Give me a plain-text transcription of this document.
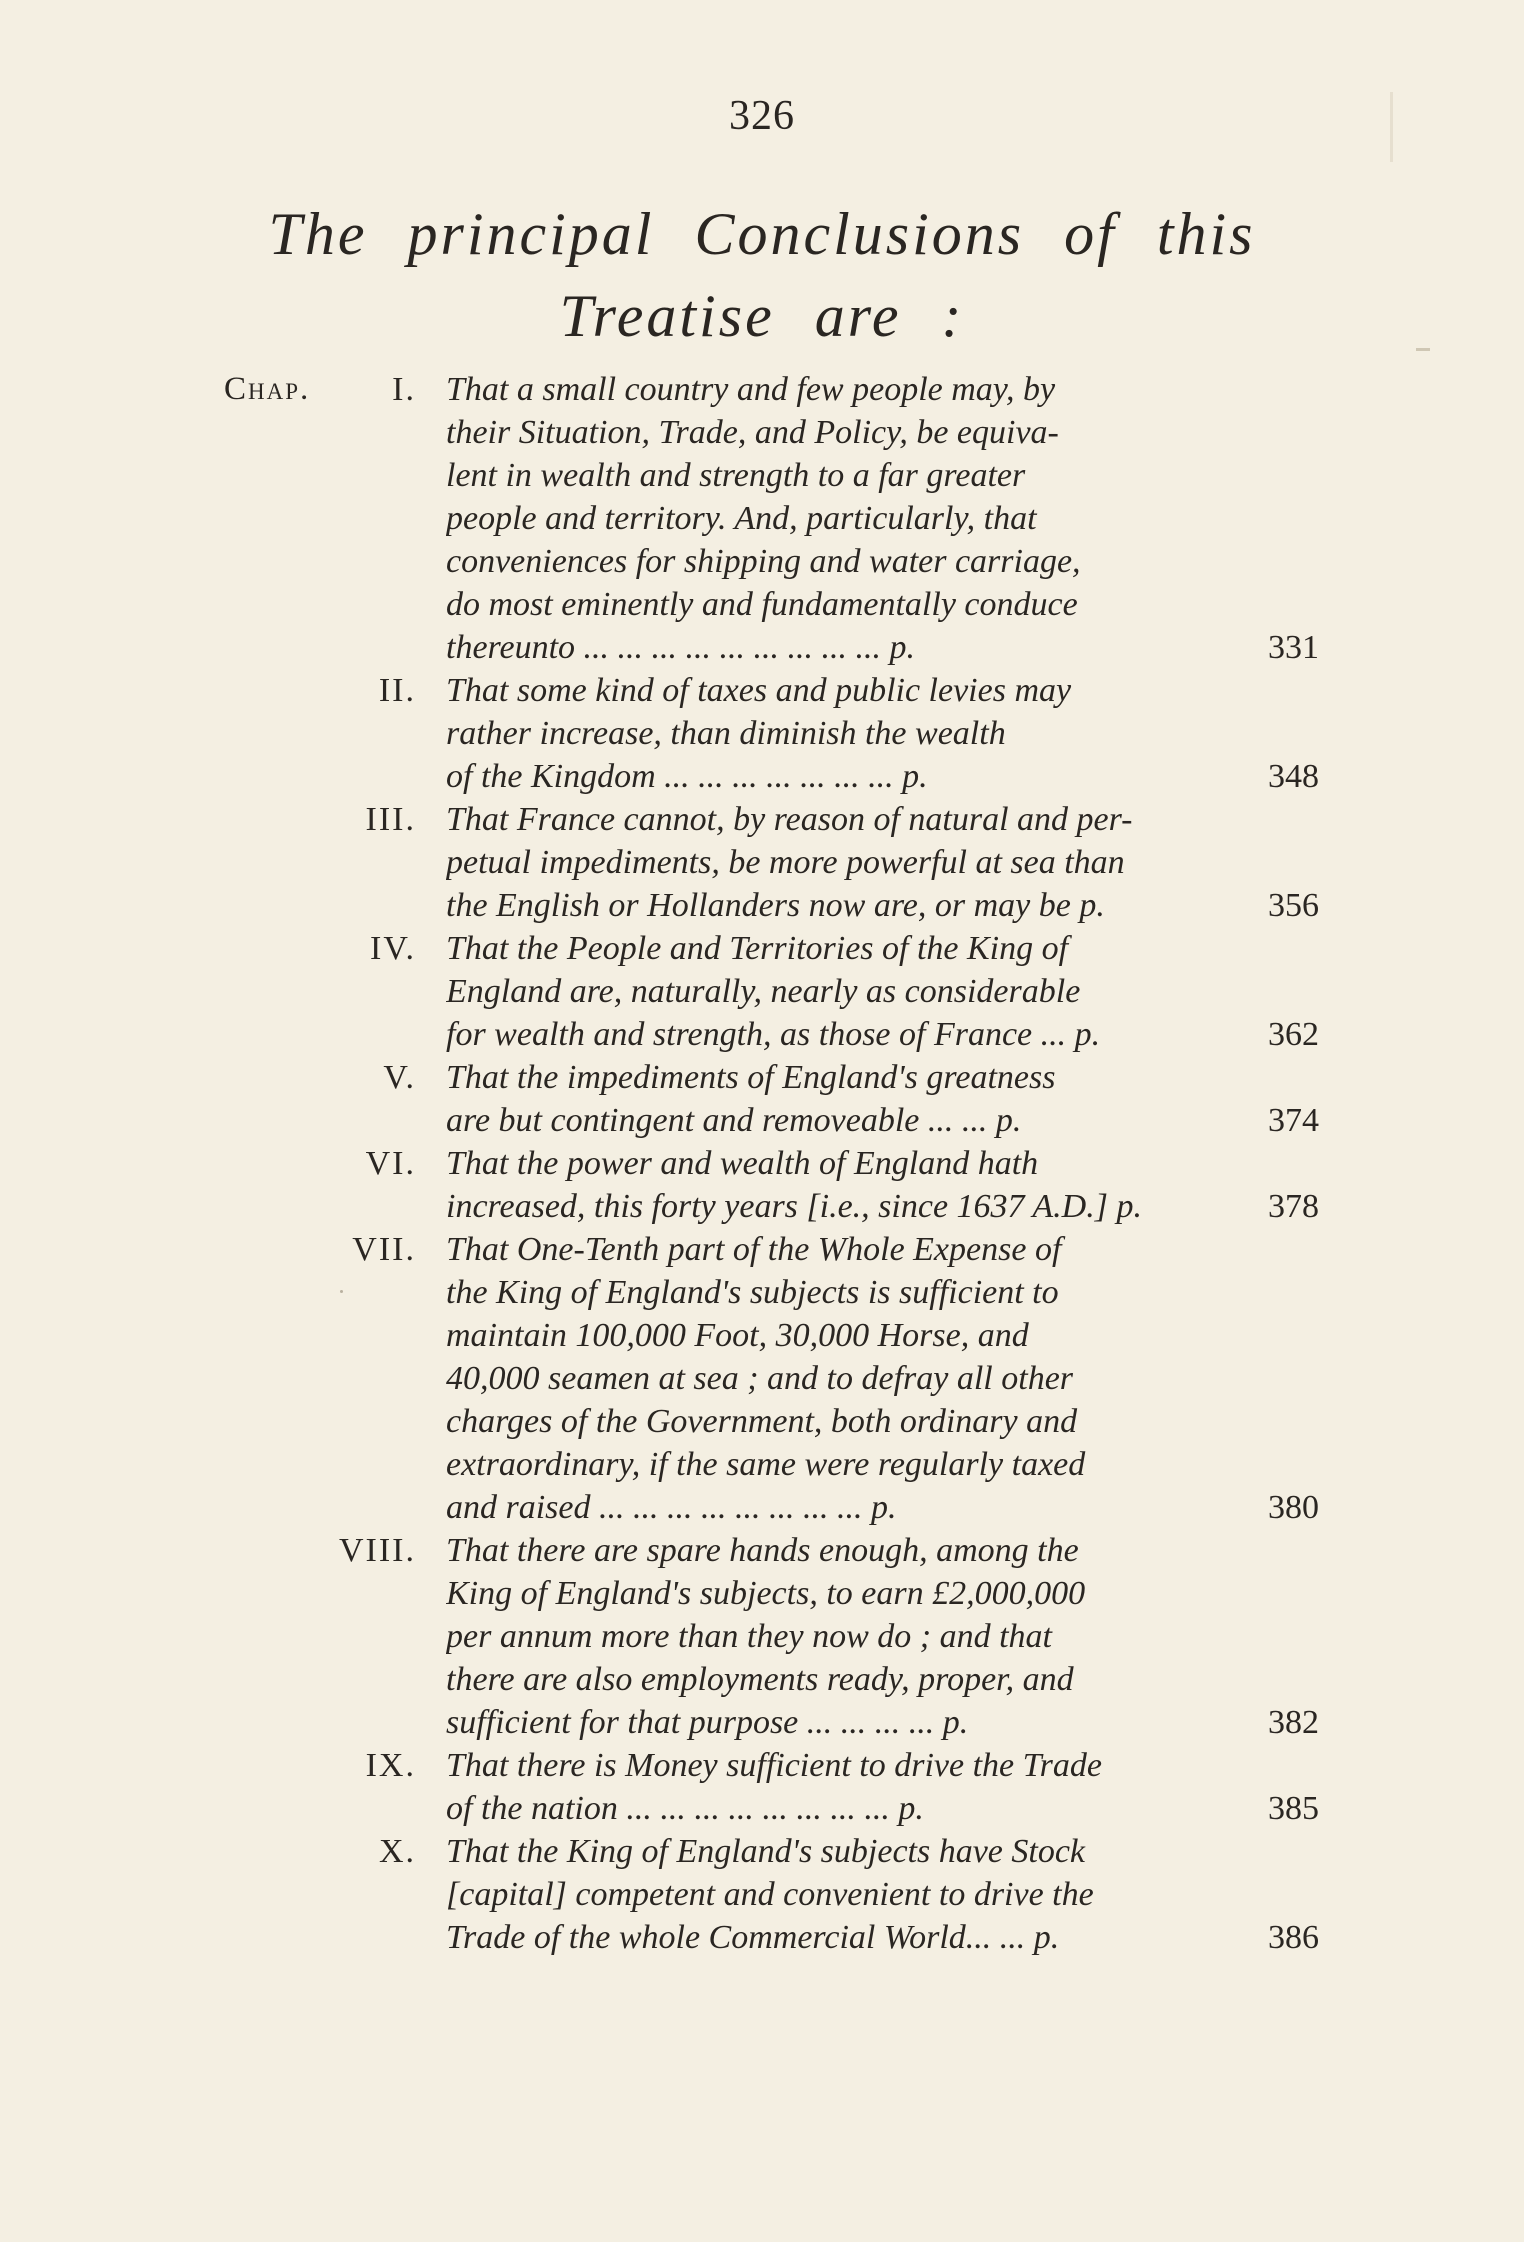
326
The principal Conclusions of this
Treatise are :
Chap. I. That a small country and few people may, by
their Situation, Trade, and Policy, be equiva-
lent in wealth and strength to a far greater
people and territory. And, particularly, that
conveniences for shipping and water carriage,
do most eminently and fundamentally conduce
thereunto ... ... ... ... ... ... ... ... ... p.	331
II. That some kind of taxes and public levies may
rather increase, than diminish the wealth
of the Kingdom ... ... ... ... ... ... ... p.	348
III. That France cannot, by reason of natural and per-
petual impediments, be more powerful at sea than
the English or Hollanders now are, or may be p.	356
IV. That the People and Territories of the King of
England are, naturally, nearly as considerable
for wealth and strength, as those of France ... p.	362
V. That the impediments of England's greatness
are but contingent and removeable ... ... p.	374
VI. That the power and wealth of England hath
increased, this forty years [i.e., since 1637 A.D.] p.	378
VII. That One-Tenth part of the Whole Expense of
the King of England's subjects is sufficient to
maintain 100,000 Foot, 30,000 Horse, and
40,000 seamen at sea ; and to defray all other
charges of the Government, both ordinary and
extraordinary, if the same were regularly taxed
and raised ... ... ... ... ... ... ... ... p.	380
VIII. That there are spare hands enough, among the
King of England's subjects, to earn £2,000,000
per annum more than they now do ; and that
there are also employments ready, proper, and
sufficient for that purpose ... ... ... ... p.	382
IX. That there is Money sufficient to drive the Trade
of the nation ... ... ... ... ... ... ... ... p.	385
X. That the King of England's subjects have Stock
[capital] competent and convenient to drive the
Trade of the whole Commercial World... ... p.	386
